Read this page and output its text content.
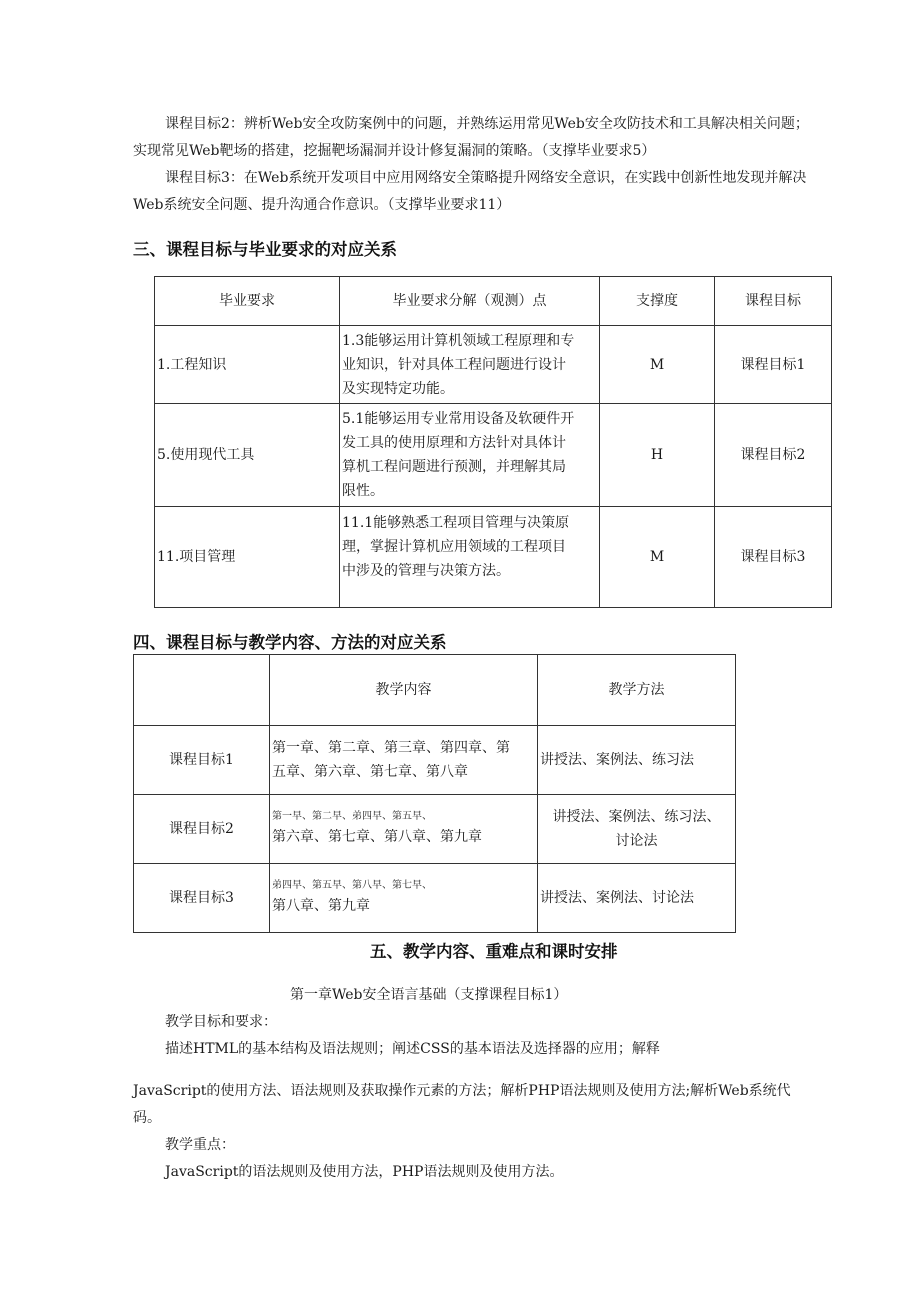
课程目标2：辨析Web安全攻防案例中的问题，并熟练运用常见Web安全攻防技术和工具解决相关问题；
实现常见Web靶场的搭建，挖掘靶场漏洞并设计修复漏洞的策略。（支撑毕业要求5）
课程目标3：在Web系统开发项目中应用网络安全策略提升网络安全意识，在实践中创新性地发现并解决
Web系统安全问题、提升沟通合作意识。（支撑毕业要求11）
三、课程目标与毕业要求的对应关系
毕业要求	毕业要求分解（观测）点	支撑度	课程目标
1.工程知识	1.3能够运用计算机领域工程原理和专
业知识，针对具体工程问题进行设计
及实现特定功能。	M	课程目标1
5.使用现代工具	5.1能够运用专业常用设备及软硬件开
发工具的使用原理和方法针对具体计
算机工程问题进行预测，并理解其局
限性。	H	课程目标2
11.项目管理	11.1能够熟悉工程项目管理与决策原
理，掌握计算机应用领域的工程项目
中涉及的管理与决策方法。	M	课程目标3
四、课程目标与教学内容、方法的对应关系
	教学内容	教学方法
课程目标1	第一章、第二章、第三章、第四章、第
五章、第六章、第七章、第八章	讲授法、案例法、练习法

课程目标2	第一早、第二早、弟四早、第五早、
第六章、第七章、第八章、第九章	讲授法、案例法、练习法、
讨论法

课程目标3	弟四早、第五早、第八早、第七早、
第八章、第九章	讲授法、案例法、讨论法
五、教学内容、重难点和课时安排
第一章Web安全语言基础（支撑课程目标1）
教学目标和要求：
描述HTML的基本结构及语法规则；阐述CSS的基本语法及选择器的应用；解释
JavaScript的使用方法、语法规则及获取操作元素的方法；解析PHP语法规则及使用方法;解析Web系统代
码。
教学重点：
JavaScript的语法规则及使用方法，PHP语法规则及使用方法。
